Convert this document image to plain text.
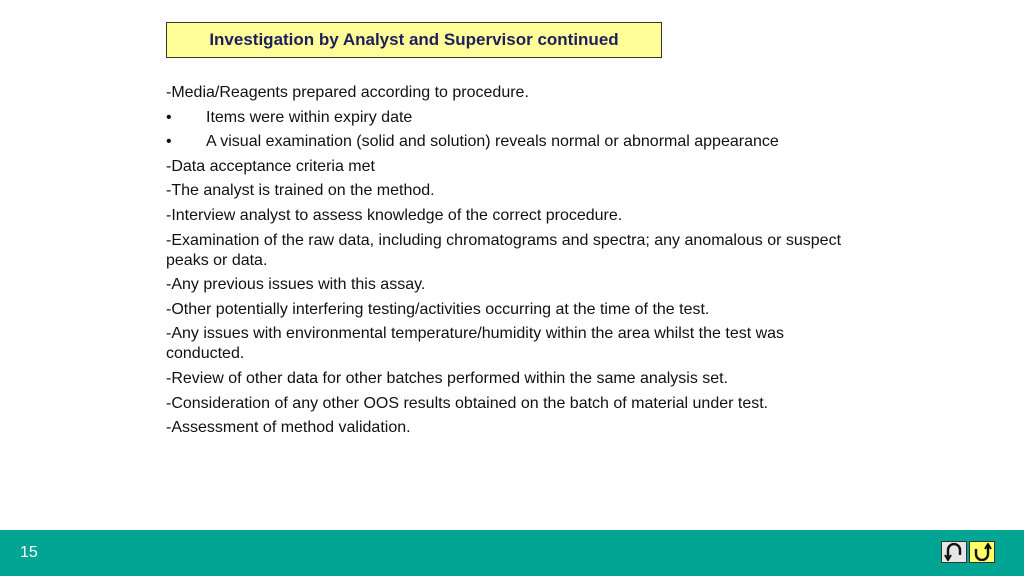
Investigation by Analyst and Supervisor continued
-Media/Reagents prepared according to procedure.
•	Items were within expiry date
•	A visual examination (solid and solution) reveals normal or abnormal appearance
-Data acceptance criteria met
-The analyst is trained on the method.
-Interview analyst to assess knowledge of the correct procedure.
-Examination of the raw data, including chromatograms and spectra; any anomalous or suspect peaks or data.
-Any previous issues with this assay.
-Other potentially interfering testing/activities occurring at the time of the test.
-Any issues with environmental temperature/humidity within the area whilst the test was conducted.
-Review of other data for other batches performed within the same analysis set.
-Consideration of any other OOS results obtained on the batch of material under test.
-Assessment of method validation.
15
